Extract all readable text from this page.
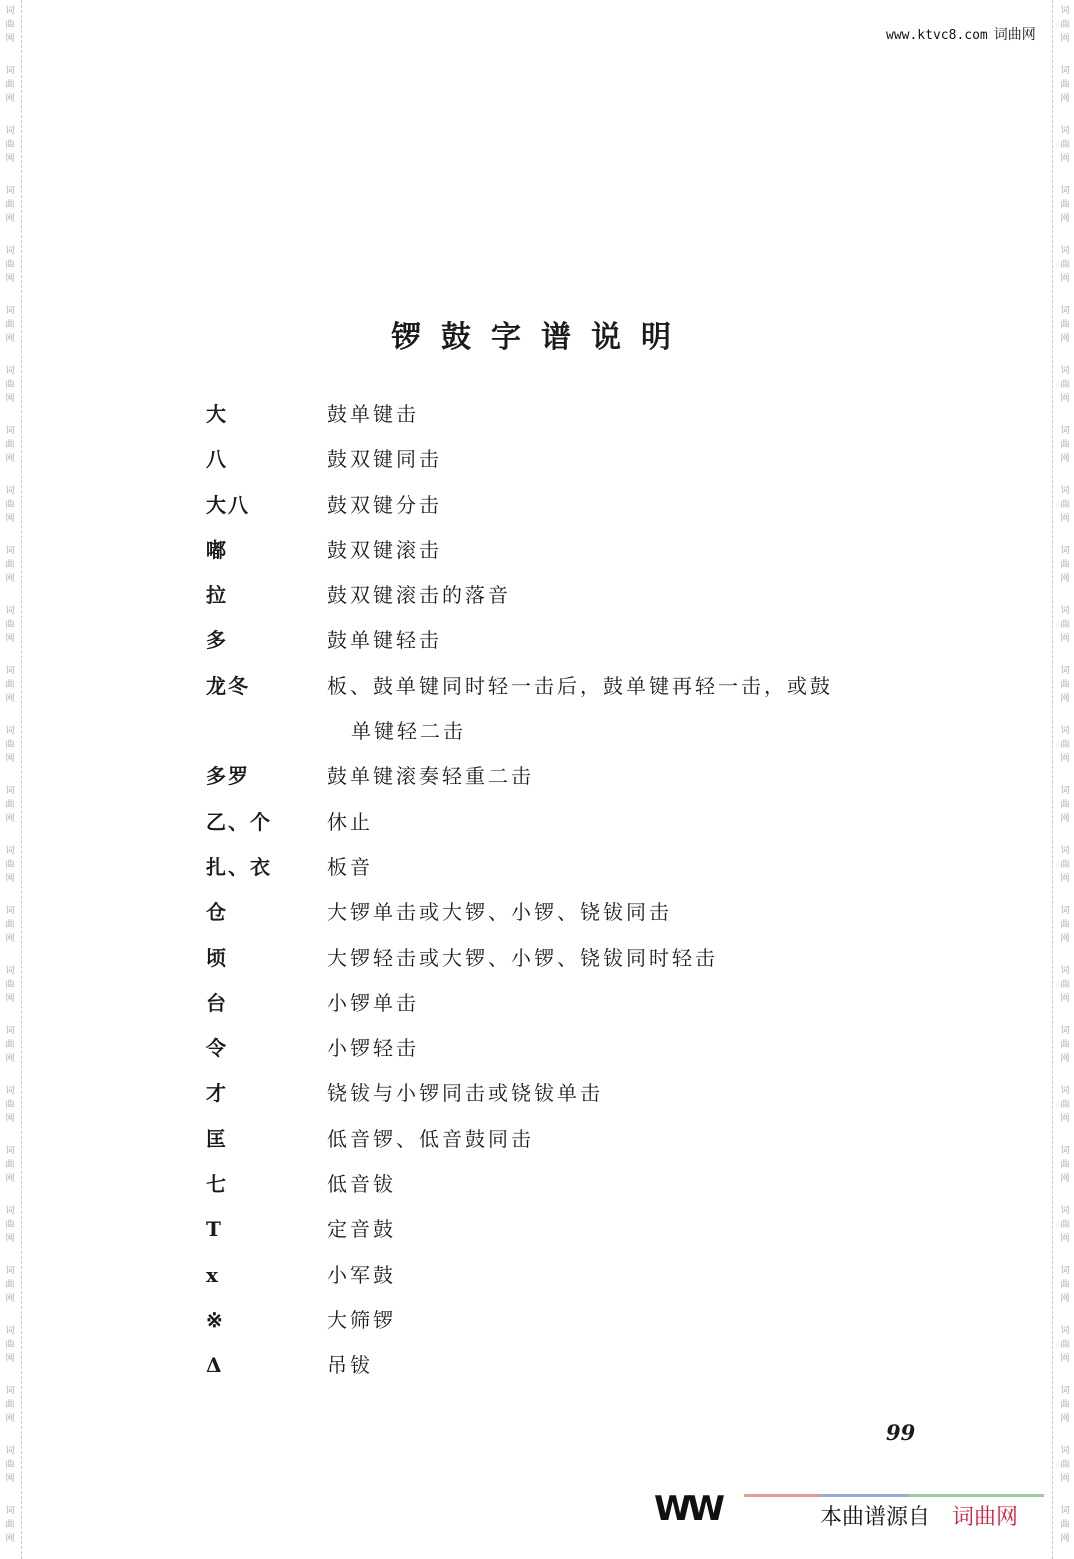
词
曲
网
词
曲
网
词
曲
网
词
曲
网
词
曲
网
词
曲
网
词
曲
网
词
曲
网
词
曲
网
词
曲
网
词
曲
网
词
曲
网
词
曲
网
词
曲
网
词
曲
网
词
曲
网
词
曲
网
词
曲
网
词
曲
网
词
曲
网
词
曲
网
词
曲
网
词
曲
网
词
曲
网
词
曲
网
词
曲
网
词
曲
网
词
曲
网
词
曲
网
词
曲
网
词
曲
网
词
曲
网
词
曲
网
词
曲
网
词
曲
网
词
曲
网
词
曲
网
词
曲
网
词
曲
网
词
曲
网
词
曲
网
词
曲
网
词
曲
网
词
曲
网
词
曲
网
词
曲
网
词
曲
网
词
曲
网
词
曲
网
词
曲
网
词
曲
网
词
曲
网
www.ktvc8.com 词曲网
锣鼓字谱说明
大	鼓单键击
八	鼓双键同击
大八	鼓双键分击
嘟	鼓双键滚击
拉	鼓双键滚击的落音
多	鼓单键轻击
龙冬	板、鼓单键同时轻一击后，鼓单键再轻一击，或鼓
单键轻二击
多罗	鼓单键滚奏轻重二击
乙、个	休止
扎、衣	板音
仓	大锣单击或大锣、小锣、铙钹同击
顷	大锣轻击或大锣、小锣、铙钹同时轻击
台	小锣单击
令	小锣轻击
才	铙钹与小锣同击或铙钹单击
匡	低音锣、低音鼓同击
七	低音钹
T	定音鼓
x	小军鼓
※	大筛锣
Δ	吊钹
99
WW	本曲谱源自 词曲网
